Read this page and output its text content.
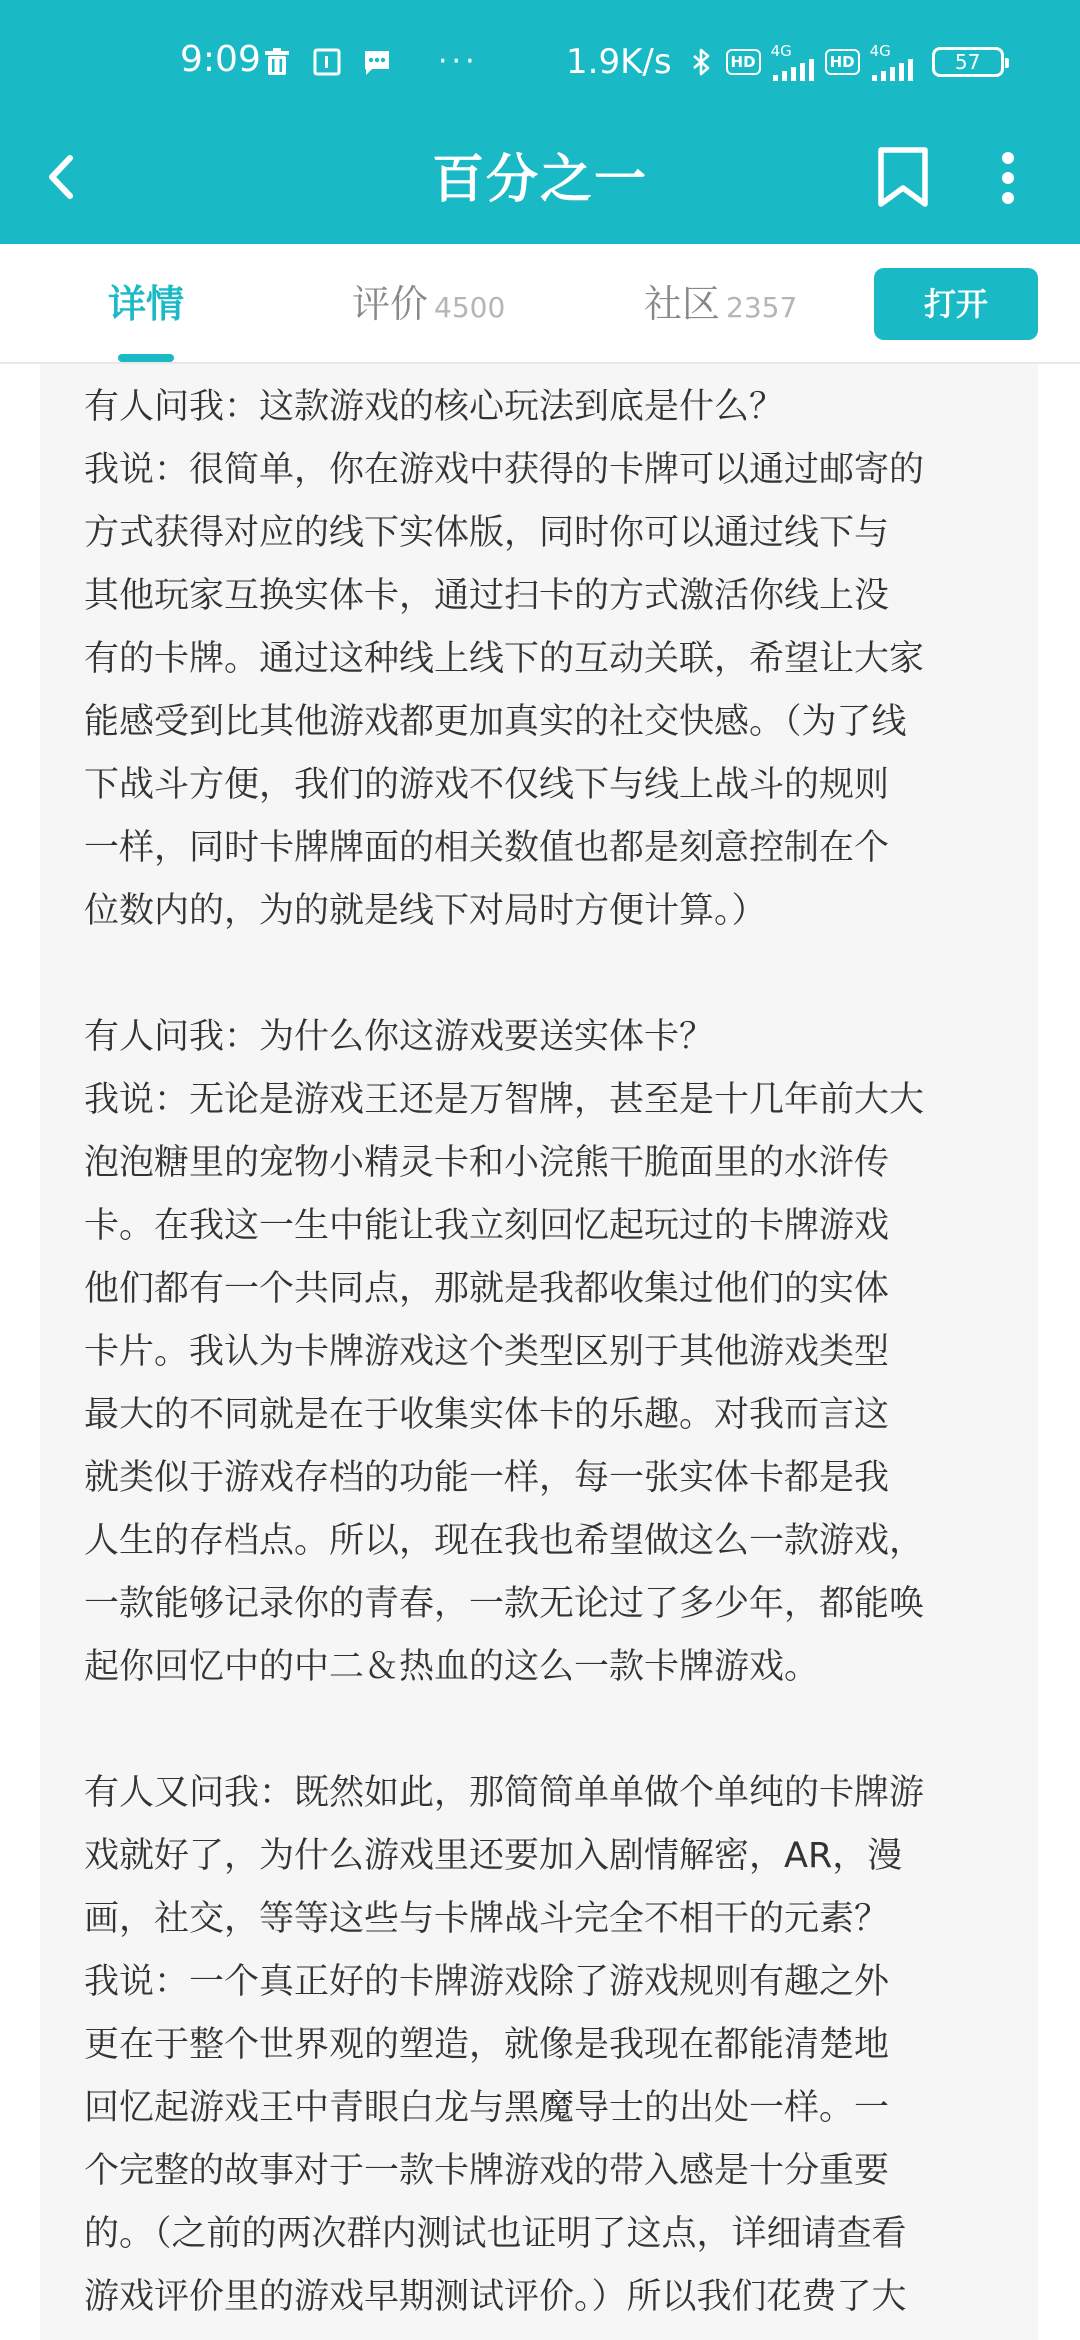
9:09	···	1.9K/s	HD
4G
HD
4G	57
百分之一
详情	评价 4500	社区 2357	打开
有人问我：这款游戏的核心玩法到底是什么？
我说：很简单，你在游戏中获得的卡牌可以通过邮寄的
方式获得对应的线下实体版，同时你可以通过线下与
其他玩家互换实体卡，通过扫卡的方式激活你线上没
有的卡牌。通过这种线上线下的互动关联，希望让大家
能感受到比其他游戏都更加真实的社交快感。（为了线
下战斗方便，我们的游戏不仅线下与线上战斗的规则
一样，同时卡牌牌面的相关数值也都是刻意控制在个
位数内的，为的就是线下对局时方便计算。）
有人问我：为什么你这游戏要送实体卡？
我说：无论是游戏王还是万智牌，甚至是十几年前大大
泡泡糖里的宠物小精灵卡和小浣熊干脆面里的水浒传
卡。在我这一生中能让我立刻回忆起玩过的卡牌游戏
他们都有一个共同点，那就是我都收集过他们的实体
卡片。我认为卡牌游戏这个类型区别于其他游戏类型
最大的不同就是在于收集实体卡的乐趣。对我而言这
就类似于游戏存档的功能一样，每一张实体卡都是我
人生的存档点。所以，现在我也希望做这么一款游戏，
一款能够记录你的青春，一款无论过了多少年，都能唤
起你回忆中的中二＆热血的这么一款卡牌游戏。
有人又问我：既然如此，那简简单单做个单纯的卡牌游
戏就好了，为什么游戏里还要加入剧情解密，AR，漫
画，社交，等等这些与卡牌战斗完全不相干的元素？
我说：一个真正好的卡牌游戏除了游戏规则有趣之外
更在于整个世界观的塑造，就像是我现在都能清楚地
回忆起游戏王中青眼白龙与黑魔导士的出处一样。一
个完整的故事对于一款卡牌游戏的带入感是十分重要
的。（之前的两次群内测试也证明了这点，详细请查看
游戏评价里的游戏早期测试评价。）所以我们花费了大
